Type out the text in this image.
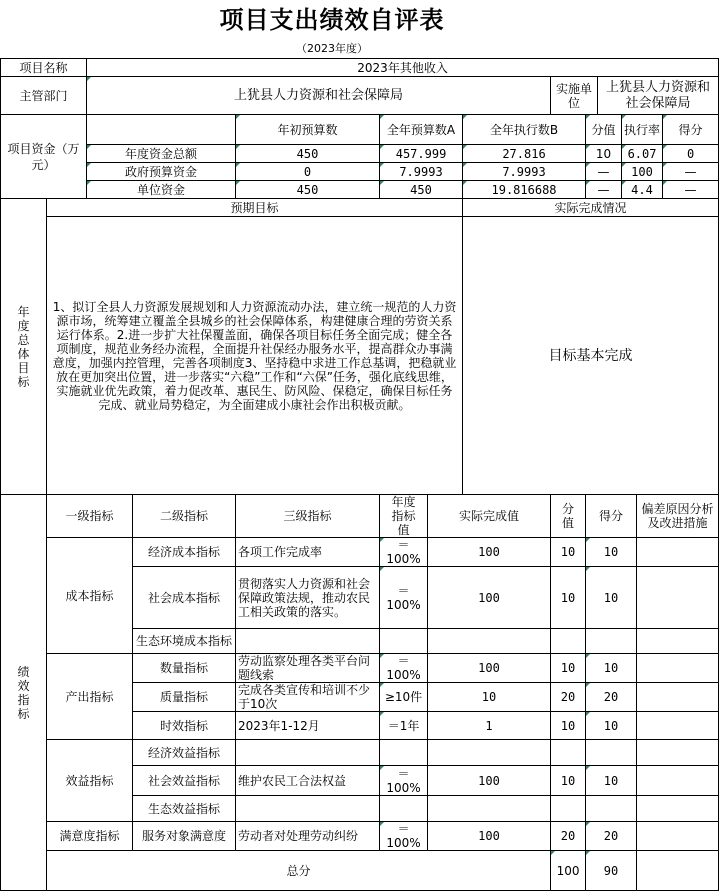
项目支出绩效自评表
（2023年度）
项目名称		2023年其他收入											
主管部门		上犹县人力资源和社会保障局						实施单位		上犹县人力资源和社会保障局			
项目资金（万元）				年初预算数	全年预算数A		全年执行数B		分值		执行率		得分
		年度资金总额		450	457.999		27.816		10		6.07		0
		政府预算资金		0	7.9993		7.9993		—		100		—
		单位资金		450	450		19.816688		—		4.4		—
年度总体目标	预期目标						实际完成情况						
	1、拟订全县人力资源发展规划和人力资源流动办法，建立统一规范的人力资源市场，统筹建立覆盖全县城乡的社会保障体系，构建健康合理的劳资关系运行体系。2.进一步扩大社保覆盖面，确保各项目标任务全面完成；健全各项制度，规范业务经办流程，全面提升社保经办服务水平，提高群众办事满意度，加强内控管理，完善各项制度3、坚持稳中求进工作总基调，把稳就业放在更加突出位置，进一步落实“六稳”工作和“六保”任务，强化底线思维，实施就业优先政策，着力促改革、惠民生、防风险、保稳定，确保目标任务完成、就业局势稳定，为全面建成小康社会作出积极贡献。						目标基本完成						
绩效指标	一级指标		二级指标	三级指标	年度指标值	实际完成值		分值	得分			偏差原因分析及改进措施	
	成本指标		经济成本指标	各项工作完成率	＝100%	100		10	10				
			社会成本指标	贯彻落实人力资源和社会保障政策法规，推动农民工相关政策的落实。	＝100%	100		10	10				
			生态环境成本指标										
	产出指标		数量指标	劳动监察处理各类平台问题线索	＝100%	100		10	10				
			质量指标	完成各类宣传和培训不少于10次	≥10件	10		20	20				
			时效指标	2023年1-12月	＝1年	1		10	10				
	效益指标		经济效益指标										
			社会效益指标	维护农民工合法权益	＝100%	100		10	10				
			生态效益指标										
	满意度指标		服务对象满意度	劳动者对处理劳动纠纷	＝100%	100		20	20				
	总分							100	90				
